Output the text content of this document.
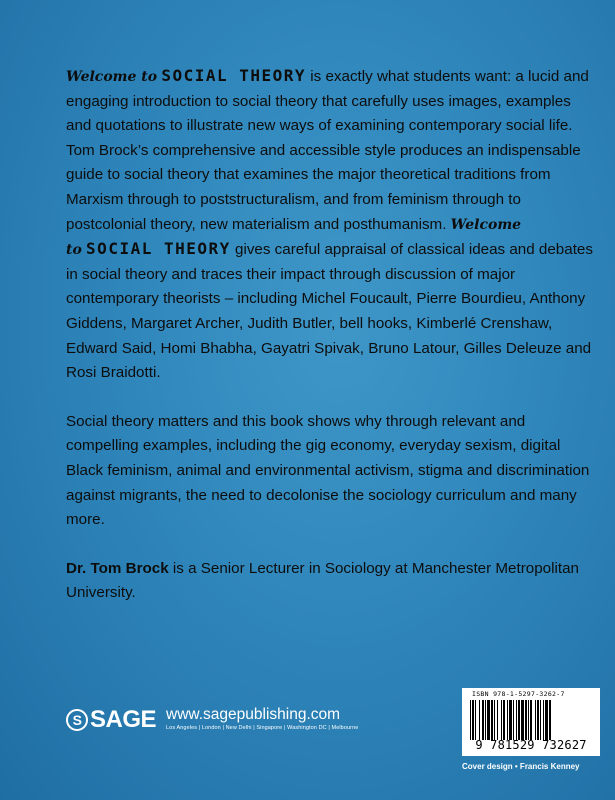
Welcome to SOCIAL THEORY is exactly what students want: a lucid and engaging introduction to social theory that carefully uses images, examples and quotations to illustrate new ways of examining contemporary social life. Tom Brock’s comprehensive and accessible style produces an indispensable guide to social theory that examines the major theoretical traditions from Marxism through to poststructuralism, and from feminism through to postcolonial theory, new materialism and posthumanism. Welcome to SOCIAL THEORY gives careful appraisal of classical ideas and debates in social theory and traces their impact through discussion of major contemporary theorists – including Michel Foucault, Pierre Bourdieu, Anthony Giddens, Margaret Archer, Judith Butler, bell hooks, Kimberlé Crenshaw, Edward Said, Homi Bhabha, Gayatri Spivak, Bruno Latour, Gilles Deleuze and Rosi Braidotti.

Social theory matters and this book shows why through relevant and compelling examples, including the gig economy, everyday sexism, digital Black feminism, animal and environmental activism, stigma and discrimination against migrants, the need to decolonise the sociology curriculum and many more.

Dr. Tom Brock is a Senior Lecturer in Sociology at Manchester Metropolitan University.

S SAGE www.sagepublishing.com
Los Angeles | London | New Delhi | Singapore | Washington DC | Melbourne
ISBN 978-1-5297-3262-7
9 781529 732627
Cover design • Francis Kenney
